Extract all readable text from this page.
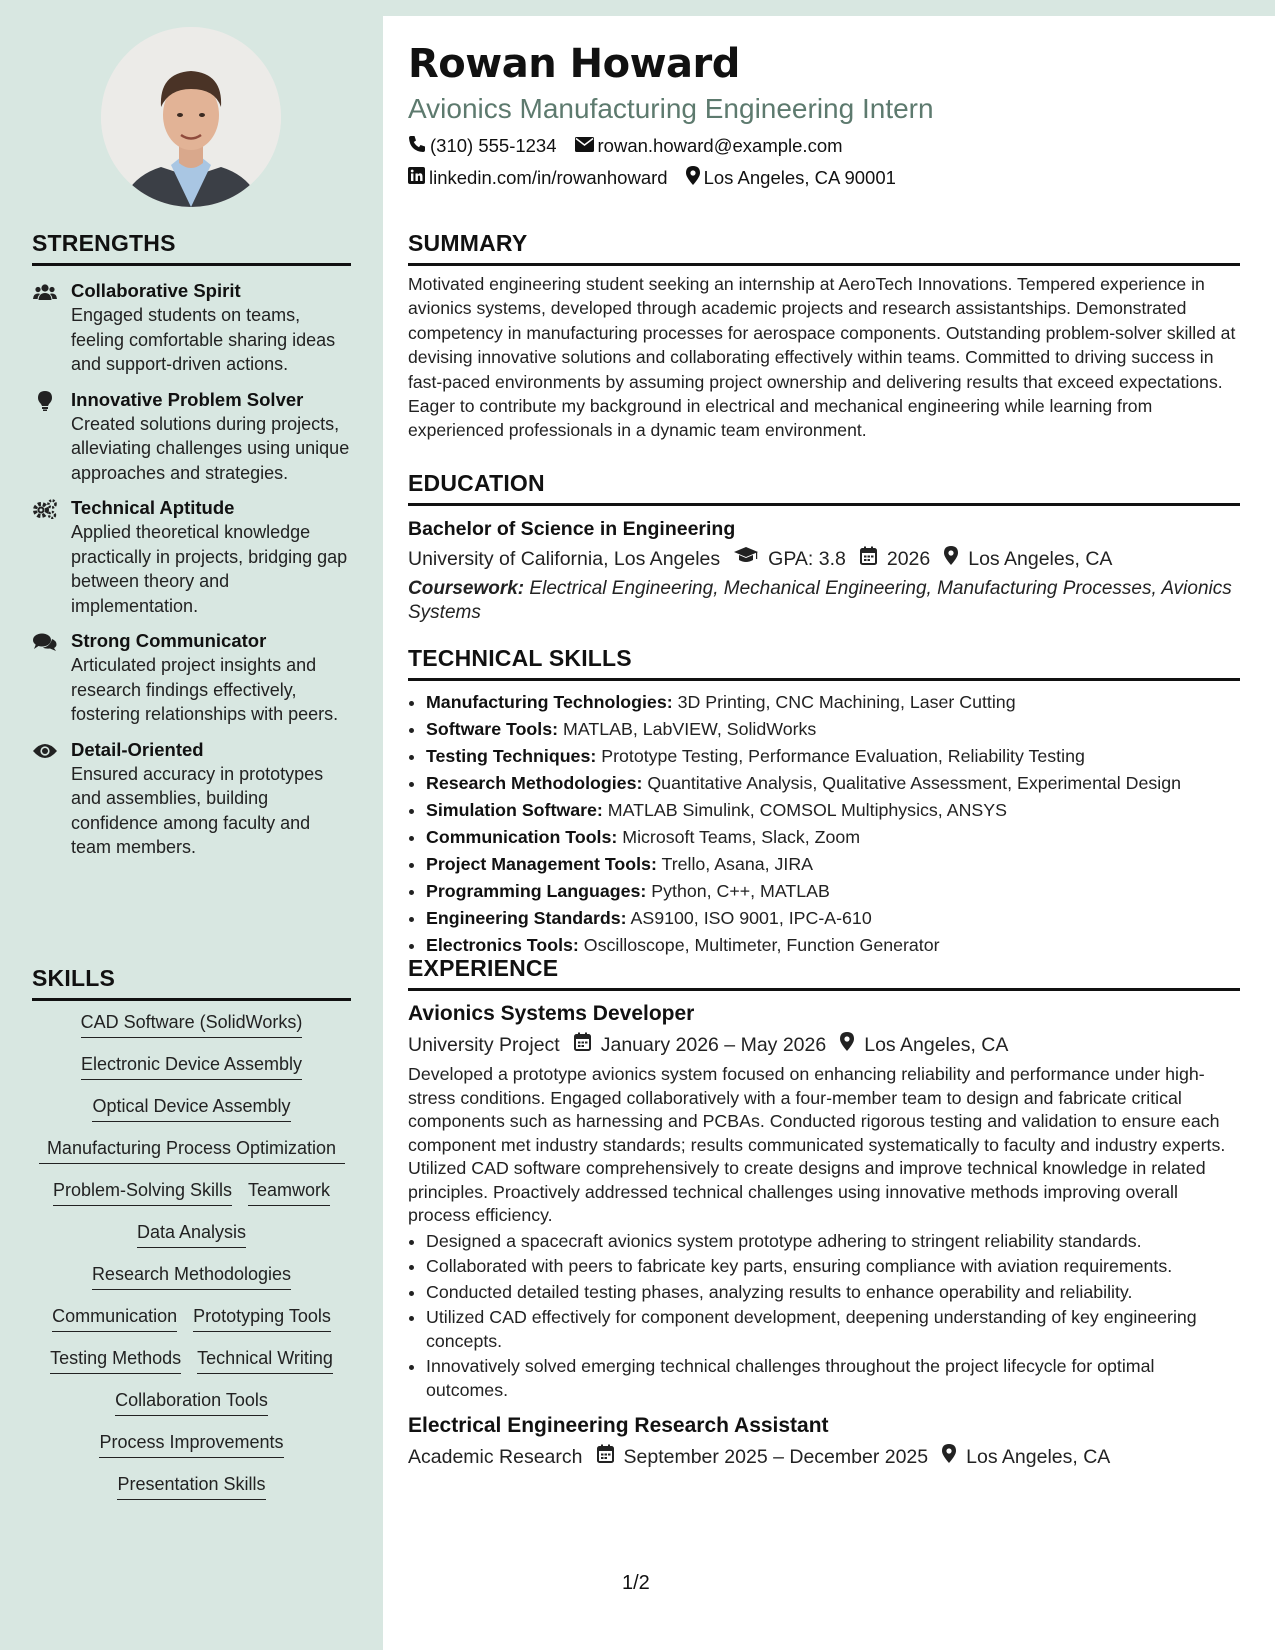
STRENGTHS
Collaborative Spirit
Engaged students on teams, feeling comfortable sharing ideas and support-driven actions.
Innovative Problem Solver
Created solutions during projects, alleviating challenges using unique approaches and strategies.
Technical Aptitude
Applied theoretical knowledge practically in projects, bridging gap between theory and implementation.
Strong Communicator
Articulated project insights and research findings effectively, fostering relationships with peers.
Detail-Oriented
Ensured accuracy in prototypes and assemblies, building confidence among faculty and team members.
SKILLS
CAD Software (SolidWorks)
Electronic Device Assembly
Optical Device Assembly
Manufacturing Process Optimization
Problem-Solving Skills Teamwork
Data Analysis
Research Methodologies
Communication Prototyping Tools
Testing Methods Technical Writing
Collaboration Tools
Process Improvements
Presentation Skills
Rowan Howard
Avionics Manufacturing Engineering Intern
(310) 555-1234 rowan.howard@example.com
linkedin.com/in/rowanhoward Los Angeles, CA 90001
SUMMARY
Motivated engineering student seeking an internship at AeroTech Innovations. Tempered experience in avionics systems, developed through academic projects and research assistantships. Demonstrated competency in manufacturing processes for aerospace components. Outstanding problem-solver skilled at devising innovative solutions and collaborating effectively within teams. Committed to driving success in fast-paced environments by assuming project ownership and delivering results that exceed expectations. Eager to contribute my background in electrical and mechanical engineering while learning from experienced professionals in a dynamic team environment.
EDUCATION
Bachelor of Science in Engineering
University of California, Los Angeles GPA: 3.8 2026 Los Angeles, CA
Coursework: Electrical Engineering, Mechanical Engineering, Manufacturing Processes, Avionics Systems
TECHNICAL SKILLS
• Manufacturing Technologies: 3D Printing, CNC Machining, Laser Cutting
• Software Tools: MATLAB, LabVIEW, SolidWorks
• Testing Techniques: Prototype Testing, Performance Evaluation, Reliability Testing
• Research Methodologies: Quantitative Analysis, Qualitative Assessment, Experimental Design
• Simulation Software: MATLAB Simulink, COMSOL Multiphysics, ANSYS
• Communication Tools: Microsoft Teams, Slack, Zoom
• Project Management Tools: Trello, Asana, JIRA
• Programming Languages: Python, C++, MATLAB
• Engineering Standards: AS9100, ISO 9001, IPC-A-610
• Electronics Tools: Oscilloscope, Multimeter, Function Generator
EXPERIENCE
Avionics Systems Developer
University Project January 2026 – May 2026 Los Angeles, CA
Developed a prototype avionics system focused on enhancing reliability and performance under high-stress conditions. Engaged collaboratively with a four-member team to design and fabricate critical components such as harnessing and PCBAs. Conducted rigorous testing and validation to ensure each component met industry standards; results communicated systematically to faculty and industry experts. Utilized CAD software comprehensively to create designs and improve technical knowledge in related principles. Proactively addressed technical challenges using innovative methods improving overall process efficiency.
• Designed a spacecraft avionics system prototype adhering to stringent reliability standards.
• Collaborated with peers to fabricate key parts, ensuring compliance with aviation requirements.
• Conducted detailed testing phases, analyzing results to enhance operability and reliability.
• Utilized CAD effectively for component development, deepening understanding of key engineering concepts.
• Innovatively solved emerging technical challenges throughout the project lifecycle for optimal outcomes.
Electrical Engineering Research Assistant
Academic Research September 2025 – December 2025 Los Angeles, CA
1/2
